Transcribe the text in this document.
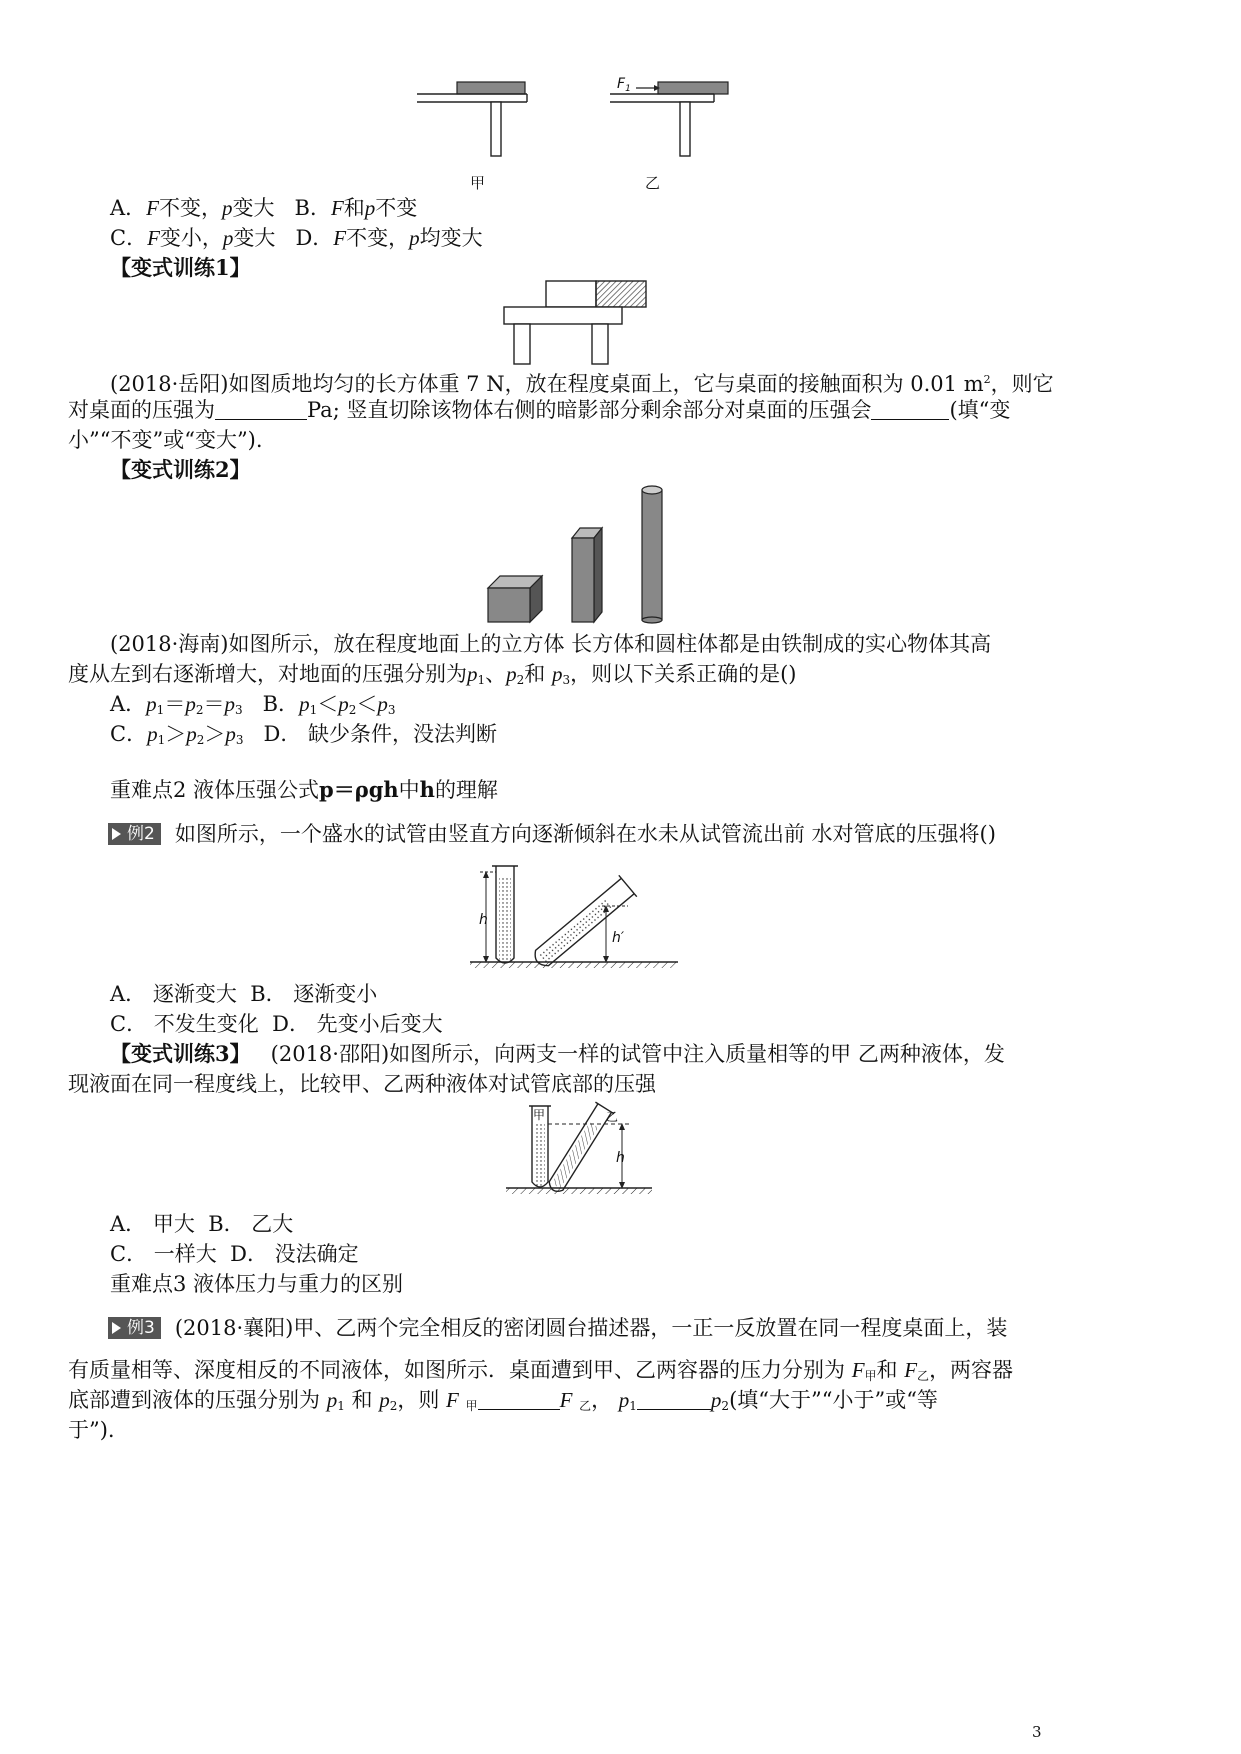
甲
$F_1$
乙
A．F不变，p变大 B．F和p不变
C．F变小，p变大 D．F不变，p均变大
【变式训练1】
(2018·岳阳)如图质地均匀的长方体重 7 N，放在程度桌面上，它与桌面的接触面积为 0.01 $m^2$，则它
对桌面的压强为	Pa; 竖直切除该物体右侧的暗影部分剩余部分对桌面的压强会	(填“变
小”“不变”或“变大”).
【变式训练2】
(2018·海南)如图所示，放在程度地面上的立方体 长方体和圆柱体都是由铁制成的实心物体其高
度从左到右逐渐增大，对地面的压强分别为$p_1$、$p_2$和 $p_3$，则以下关系正确的是()
A．$p_1=p_2=p_3$ B．$p_1<p_2<p_3$
C．$p_1>p_2>p_3$ D． 缺少条件，没法判断
重难点2 液体压强公式p＝ρgh中h的理解
例2 如图所示，一个盛水的试管由竖直方向逐渐倾斜在水未从试管流出前 水对管底的压强将()
h
h′
A． 逐渐变大 B． 逐渐变小
C． 不发生变化 D． 先变小后变大
【变式训练3】 (2018·邵阳)如图所示，向两支一样的试管中注入质量相等的甲 乙两种液体，发
现液面在同一程度线上，比较甲、乙两种液体对试管底部的压强
甲	乙
h
A． 甲大 B． 乙大
C． 一样大 D． 没法确定
重难点3 液体压力与重力的区别
例3 (2018·襄阳)甲、乙两个完全相反的密闭圆台描述器，一正一反放置在同一程度桌面上，装
有质量相等、深度相反的不同液体，如图所示．桌面遭到甲、乙两容器的压力分别为 $F_甲$和 $F_乙$，两容器
底部遭到液体的压强分别为 $p_1$ 和 $p_2$，则 F $_甲$	F $_乙$， $p_1$	$p_2$(填“大于”“小于”或“等
于”).
3
